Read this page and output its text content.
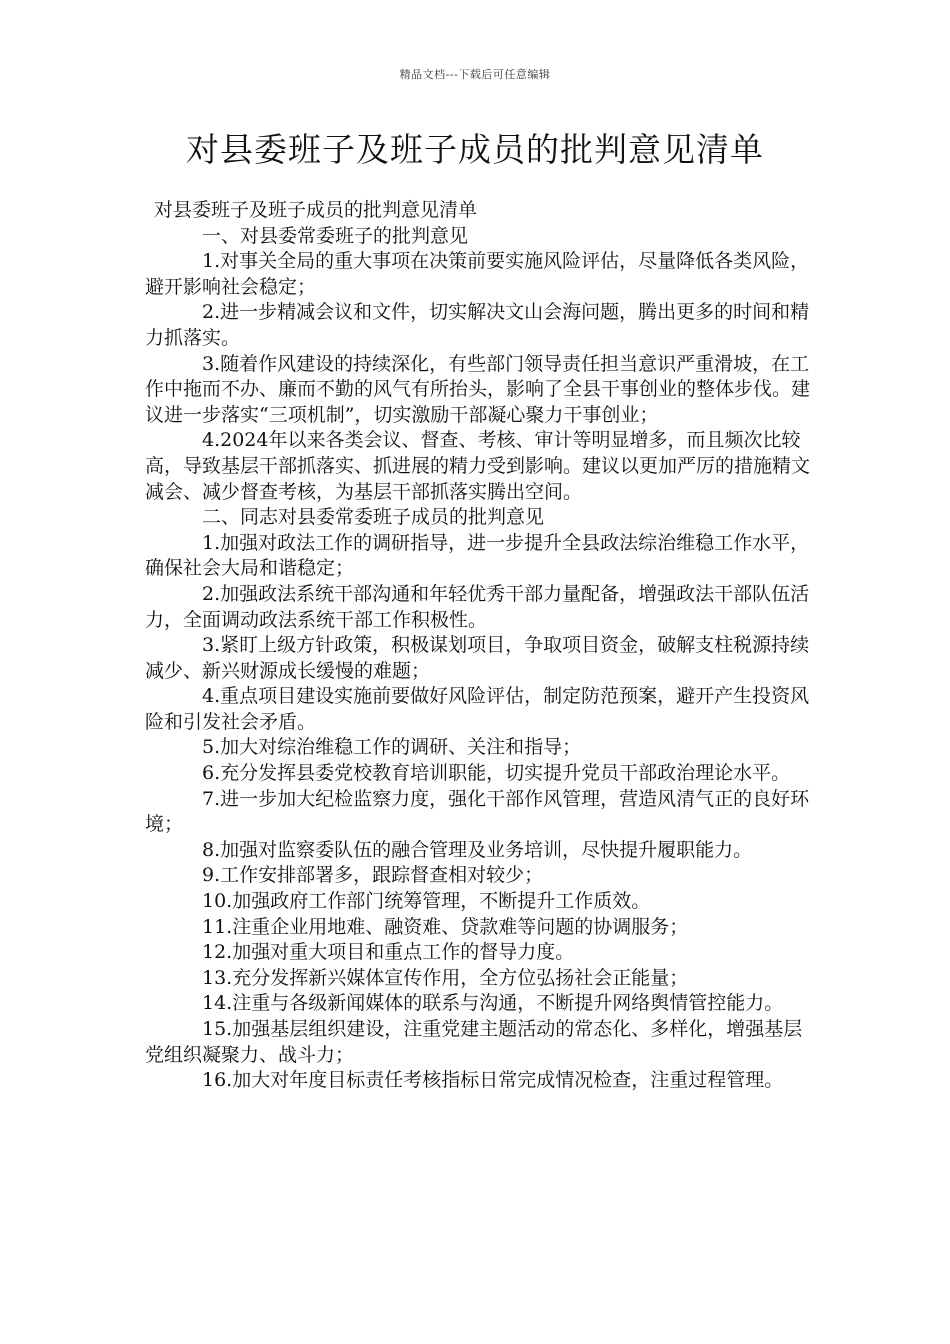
精品文档---下载后可任意编辑
对县委班子及班子成员的批判意见清单

对县委班子及班子成员的批判意见清单

一、对县委常委班子的批判意见

1.对事关全局的重大事项在决策前要实施风险评估，尽量降低各类风险，避开影响社会稳定；

2.进一步精减会议和文件，切实解决文山会海问题，腾出更多的时间和精力抓落实。

3.随着作风建设的持续深化，有些部门领导责任担当意识严重滑坡，在工作中拖而不办、廉而不勤的风气有所抬头，影响了全县干事创业的整体步伐。建议进一步落实“三项机制”，切实激励干部凝心聚力干事创业；

4.2024年以来各类会议、督查、考核、审计等明显增多，而且频次比较高，导致基层干部抓落实、抓进展的精力受到影响。建议以更加严厉的措施精文减会、减少督查考核，为基层干部抓落实腾出空间。

二、同志对县委常委班子成员的批判意见

1.加强对政法工作的调研指导，进一步提升全县政法综治维稳工作水平，确保社会大局和谐稳定；

2.加强政法系统干部沟通和年轻优秀干部力量配备，增强政法干部队伍活力，全面调动政法系统干部工作积极性。

3.紧盯上级方针政策，积极谋划项目，争取项目资金，破解支柱税源持续减少、新兴财源成长缓慢的难题；

4.重点项目建设实施前要做好风险评估，制定防范预案，避开产生投资风险和引发社会矛盾。

5.加大对综治维稳工作的调研、关注和指导；

6.充分发挥县委党校教育培训职能，切实提升党员干部政治理论水平。

7.进一步加大纪检监察力度，强化干部作风管理，营造风清气正的良好环境；

8.加强对监察委队伍的融合管理及业务培训，尽快提升履职能力。

9.工作安排部署多，跟踪督查相对较少；

10.加强政府工作部门统筹管理，不断提升工作质效。

11.注重企业用地难、融资难、贷款难等问题的协调服务；

12.加强对重大项目和重点工作的督导力度。

13.充分发挥新兴媒体宣传作用，全方位弘扬社会正能量；

14.注重与各级新闻媒体的联系与沟通，不断提升网络舆情管控能力。

15.加强基层组织建设，注重党建主题活动的常态化、多样化，增强基层党组织凝聚力、战斗力；

16.加大对年度目标责任考核指标日常完成情况检查，注重过程管理。
